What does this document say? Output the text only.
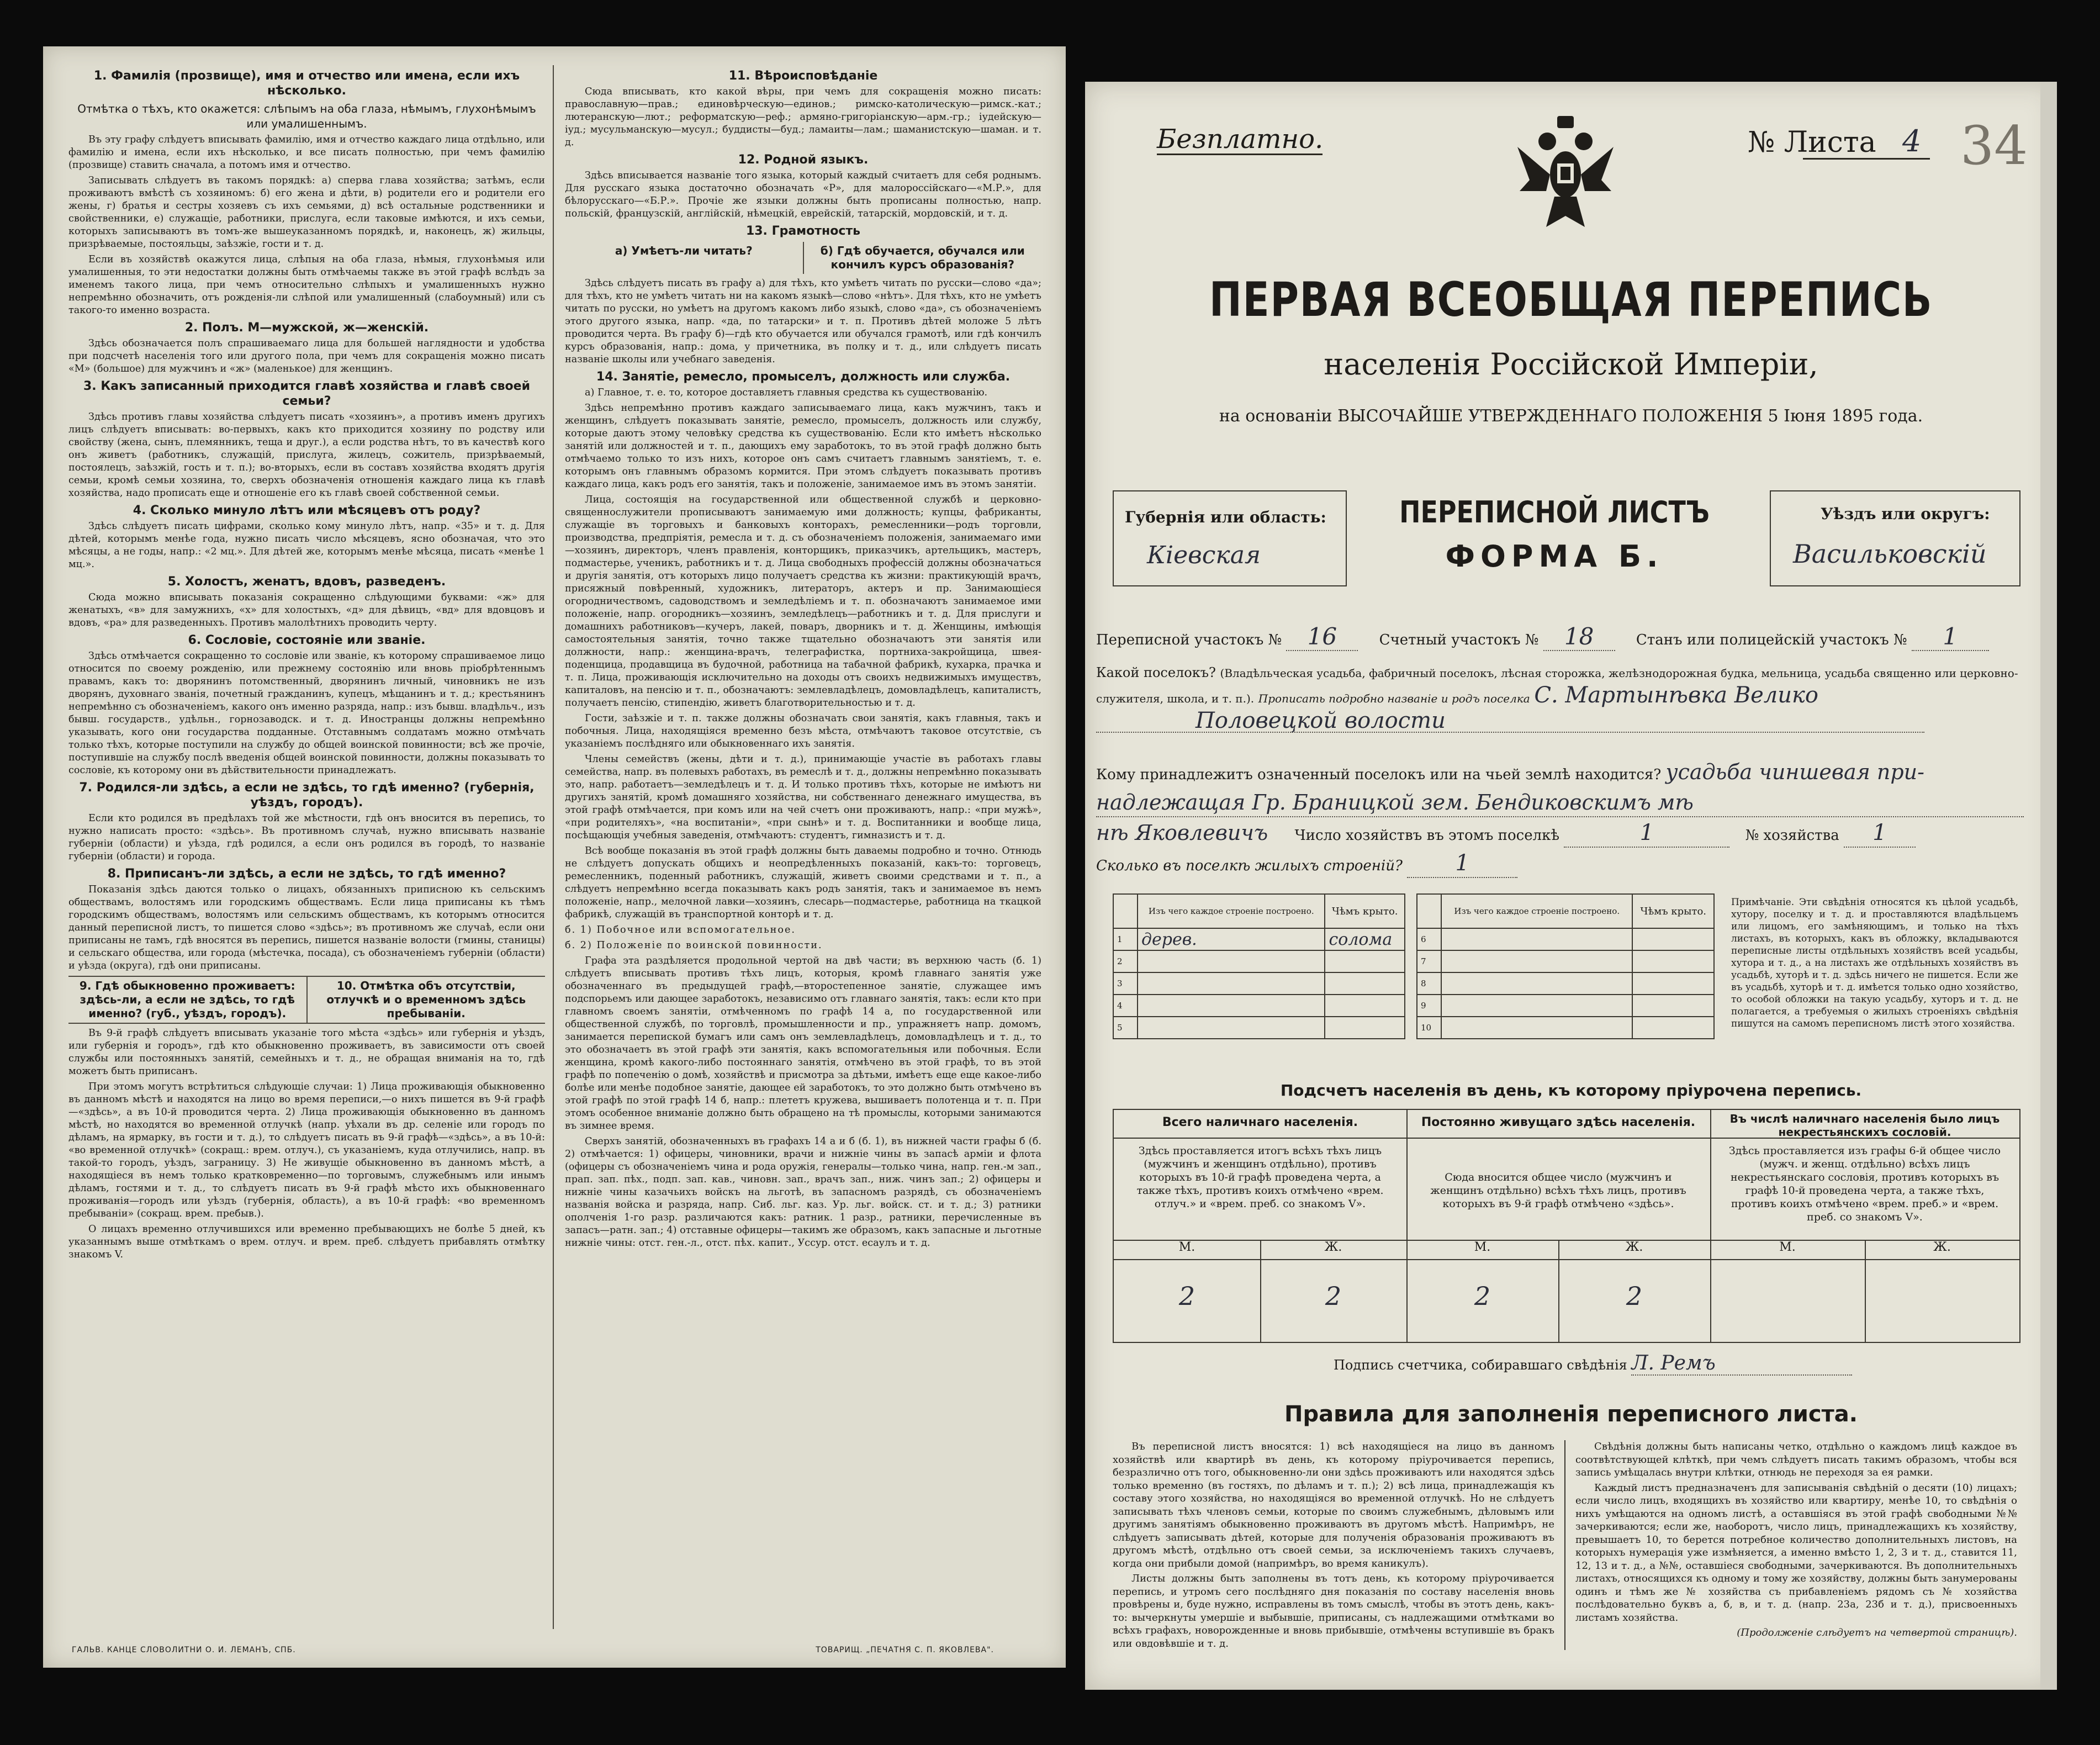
1. Фамилія (прозвище), имя и отчество или имена, если ихъ нѣсколько.
Отмѣтка о тѣхъ, кто окажется: слѣпымъ на оба глаза, нѣмымъ, глухонѣмымъ или умалишеннымъ.

Въ эту графу слѣдуетъ вписывать фамилію, имя и отчество каждаго лица отдѣльно, или фамилію и имена, если ихъ нѣсколько, и все писать полностью, при чемъ фамилію (прозвище) ставить сначала, а потомъ имя и отчество.

Записывать слѣдуетъ въ такомъ порядкѣ: а) сперва глава хозяйства; затѣмъ, если проживаютъ вмѣстѣ съ хозяиномъ: б) его жена и дѣти, в) родители его и родители его жены, г) братья и сестры хозяевъ съ ихъ семьями, д) всѣ остальные родственники и свойственники, е) служащіе, работники, прислуга, если таковые имѣются, и ихъ семьи, которыхъ записываютъ въ томъ-же вышеуказанномъ порядкѣ, и, наконецъ, ж) жильцы, призрѣваемые, постояльцы, заѣзжіе, гости и т. д.

Если въ хозяйствѣ окажутся лица, слѣпыя на оба глаза, нѣмыя, глухонѣмыя или умалишенныя, то эти недостатки должны быть отмѣчаемы также въ этой графѣ вслѣдъ за именемъ такого лица, при чемъ относительно слѣпыхъ и умалишенныхъ нужно непремѣнно обозначить, отъ рожденія-ли слѣпой или умалишенный (слабоумный) или съ такого-то именно возраста.

2. Полъ. М—мужской, ж—женскій.

Здѣсь обозначается полъ спрашиваемаго лица для большей наглядности и удобства при подсчетѣ населенія того или другого пола, при чемъ для сокращенія можно писать «М» (большое) для мужчинъ и «ж» (маленькое) для женщинъ.

3. Какъ записанный приходится главѣ хозяйства и главѣ своей семьи?

Здѣсь противъ главы хозяйства слѣдуетъ писать «хозяинъ», а противъ именъ другихъ лицъ слѣдуетъ вписывать: во-первыхъ, какъ кто приходится хозяину по родству или свойству (жена, сынъ, племянникъ, теща и друг.), а если родства нѣтъ, то въ качествѣ кого онъ живетъ (работникъ, служащій, прислуга, жилецъ, сожитель, призрѣваемый, постоялецъ, заѣзжій, гость и т. п.); во-вторыхъ, если въ составъ хозяйства входятъ другія семьи, кромѣ семьи хозяина, то, сверхъ обозначенія отношенія каждаго лица къ главѣ хозяйства, надо прописать еще и отношеніе его къ главѣ своей собственной семьи.

4. Сколько минуло лѣтъ или мѣсяцевъ отъ роду?

Здѣсь слѣдуетъ писать цифрами, сколько кому минуло лѣтъ, напр. «35» и т. д. Для дѣтей, которымъ менѣе года, нужно писать число мѣсяцевъ, ясно обозначая, что это мѣсяцы, а не годы, напр.: «2 мц.». Для дѣтей же, которымъ менѣе мѣсяца, писать «менѣе 1 мц.».

5. Холостъ, женатъ, вдовъ, разведенъ.

Сюда можно вписывать показанія сокращенно слѣдующими буквами: «ж» для женатыхъ, «в» для замужнихъ, «х» для холостыхъ, «д» для дѣвицъ, «вд» для вдовцовъ и вдовъ, «ра» для разведенныхъ. Противъ малолѣтнихъ проводить черту.

6. Сословіе, состояніе или званіе.

Здѣсь отмѣчается сокращенно то сословіе или званіе, къ которому спрашиваемое лицо относится по своему рожденію, или прежнему состоянію или вновь пріобрѣтеннымъ правамъ, какъ то: дворянинъ потомственный, дворянинъ личный, чиновникъ не изъ дворянъ, духовнаго званія, почетный гражданинъ, купецъ, мѣщанинъ и т. д.; крестьянинъ непремѣнно съ обозначеніемъ, какого онъ именно разряда, напр.: изъ бывш. владѣльч., изъ бывш. государств., удѣльн., горнозаводск. и т. д. Иностранцы должны непремѣнно указывать, кого они государства подданные. Отставнымъ солдатамъ можно отмѣчать только тѣхъ, которые поступили на службу до общей воинской повинности; всѣ же прочіе, поступившіе на службу послѣ введенія общей воинской повинности, должны показывать то сословіе, къ которому они въ дѣйствительности принадлежатъ.

7. Родился-ли здѣсь, а если не здѣсь, то гдѣ именно? (губернія, уѣздъ, городъ).

Если кто родился въ предѣлахъ той же мѣстности, гдѣ онъ вносится въ перепись, то нужно написать просто: «здѣсь». Въ противномъ случаѣ, нужно вписывать названіе губерніи (области) и уѣзда, гдѣ родился, а если онъ родился въ городѣ, то названіе губерніи (области) и города.

8. Приписанъ-ли здѣсь, а если не здѣсь, то гдѣ именно?

Показанія здѣсь даются только о лицахъ, обязанныхъ приписною къ сельскимъ обществамъ, волостямъ или городскимъ обществамъ. Если лица приписаны къ тѣмъ городскимъ обществамъ, волостямъ или сельскимъ обществамъ, къ которымъ относится данный переписной листъ, то пишется слово «здѣсь»; въ противномъ же случаѣ, если они приписаны не тамъ, гдѣ вносятся въ перепись, пишется названіе волости (гмины, станицы) и сельскаго общества, или города (мѣстечка, посада), съ обозначеніемъ губерніи (области) и уѣзда (округа), гдѣ они приписаны.

9. Гдѣ обыкновенно проживаетъ: здѣсь-ли, а если не здѣсь, то гдѣ именно? (губ., уѣздъ, городъ).
10. Отмѣтка объ отсутствіи, отлучкѣ и о временномъ здѣсь пребываніи.

Въ 9-й графѣ слѣдуетъ вписывать указаніе того мѣста «здѣсь» или губернія и уѣздъ, или губернія и городъ», гдѣ кто обыкновенно проживаетъ, въ зависимости отъ своей службы или постоянныхъ занятій, семейныхъ и т. д., не обращая вниманія на то, гдѣ можетъ быть приписанъ.

При этомъ могутъ встрѣтиться слѣдующіе случаи: 1) Лица проживающія обыкновенно въ данномъ мѣстѣ и находятся на лицо во время переписи,—о нихъ пишется въ 9-й графѣ—«здѣсь», а въ 10-й проводится черта. 2) Лица проживающія обыкновенно въ данномъ мѣстѣ, но находятся во временной отлучкѣ (напр. уѣхали въ др. селеніе или городъ по дѣламъ, на ярмарку, въ гости и т. д.), то слѣдуетъ писать въ 9-й графѣ—«здѣсь», а въ 10-й: «во временной отлучкѣ» (сокращ.: врем. отлуч.), съ указаніемъ, куда отлучились, напр. въ такой-то городъ, уѣздъ, заграницу. 3) Не живущіе обыкновенно въ данномъ мѣстѣ, а находящіеся въ немъ только кратковременно—по торговымъ, служебнымъ или инымъ дѣламъ, гостями и т. д., то слѣдуетъ писать въ 9-й графѣ мѣсто ихъ обыкновеннаго проживанія—городъ или уѣздъ (губернія, область), а въ 10-й графѣ: «во временномъ пребываніи» (сокращ. врем. пребыв.).

О лицахъ временно отлучившихся или временно пребывающихъ не болѣе 5 дней, къ указаннымъ выше отмѣткамъ о врем. отлуч. и врем. преб. слѣдуетъ прибавлять отмѣтку знакомъ V.

11. Вѣроисповѣданіе

Сюда вписывать, кто какой вѣры, при чемъ для сокращенія можно писать: православную—прав.; единовѣрческую—единов.; римско-католическую—римск.-кат.; лютеранскую—лют.; реформатскую—реф.; армяно-григоріанскую—арм.-гр.; іудейскую—іуд.; мусульманскую—мусул.; буддисты—буд.; ламаиты—лам.; шаманистскую—шаман. и т. д.

12. Родной языкъ.

Здѣсь вписывается названіе того языка, который каждый считаетъ для себя роднымъ. Для русскаго языка достаточно обозначать «Р», для малороссійскаго—«М.Р.», для бѣлорусскаго—«Б.Р.». Прочіе же языки должны быть прописаны полностью, напр. польскій, французскій, англійскій, нѣмецкій, еврейскій, татарскій, мордовскій, и т. д.

13. Грамотность
а) Умѣетъ-ли читать?	б) Гдѣ обучается, обучался или кончилъ курсъ образованія?

Здѣсь слѣдуетъ писать въ графу а) для тѣхъ, кто умѣетъ читать по русски—слово «да»; для тѣхъ, кто не умѣетъ читать ни на какомъ языкѣ—слово «нѣтъ». Для тѣхъ, кто не умѣетъ читать по русски, но умѣетъ на другомъ какомъ либо языкѣ, слово «да», съ обозначеніемъ этого другого языка, напр. «да, по татарски» и т. п. Противъ дѣтей моложе 5 лѣтъ проводится черта. Въ графу б)—гдѣ кто обучается или обучался грамотѣ, или гдѣ кончилъ курсъ образованія, напр.: дома, у причетника, въ полку и т. д., или слѣдуетъ писать названіе школы или учебнаго заведенія.

14. Занятіе, ремесло, промыселъ, должность или служба.

а) Главное, т. е. то, которое доставляетъ главныя средства къ существованію.

Здѣсь непремѣнно противъ каждаго записываемаго лица, какъ мужчинъ, такъ и женщинъ, слѣдуетъ показывать занятіе, ремесло, промыселъ, должность или службу, которые даютъ этому человѣку средства къ существованію. Если кто имѣетъ нѣсколько занятій или должностей и т. п., дающихъ ему заработокъ, то въ этой графѣ должно быть отмѣчаемо только то изъ нихъ, которое онъ самъ считаетъ главнымъ занятіемъ, т. е. которымъ онъ главнымъ образомъ кормится. При этомъ слѣдуетъ показывать противъ каждаго лица, какъ родъ его занятія, такъ и положеніе, занимаемое имъ въ этомъ занятіи.

Лица, состоящія на государственной или общественной службѣ и церковно-священнослужители прописываютъ занимаемую ими должность; купцы, фабриканты, служащіе въ торговыхъ и банковыхъ конторахъ, ремесленники—родъ торговли, производства, предпріятія, ремесла и т. д. съ обозначеніемъ положенія, занимаемаго ими—хозяинъ, директоръ, членъ правленія, конторщикъ, приказчикъ, артельщикъ, мастеръ, подмастерье, ученикъ, работникъ и т. д. Лица свободныхъ профессій должны обозначаться и другія занятія, отъ которыхъ лицо получаетъ средства къ жизни: практикующій врачъ, присяжный повѣренный, художникъ, литераторъ, актеръ и пр. Занимающіеся огородничествомъ, садоводствомъ и земледѣліемъ и т. п. обозначаютъ занимаемое ими положеніе, напр. огородникъ—хозяинъ, земледѣлецъ—работникъ и т. д. Для прислуги и домашнихъ работниковъ—кучеръ, лакей, поваръ, дворникъ и т. д. Женщины, имѣющія самостоятельныя занятія, точно также тщательно обозначаютъ эти занятія или должности, напр.: женщина-врачъ, телеграфистка, портниха-закройщица, швея-поденщица, продавщица въ будочной, работница на табачной фабрикѣ, кухарка, прачка и т. п. Лица, проживающія исключительно на доходы отъ своихъ недвижимыхъ имуществъ, капиталовъ, на пенсію и т. п., обозначаютъ: землевладѣлецъ, домовладѣлецъ, капиталистъ, получаетъ пенсію, стипендію, живетъ благотворительностью и т. д.

Гости, заѣзжіе и т. п. также должны обозначать свои занятія, какъ главныя, такъ и побочныя. Лица, находящіяся временно безъ мѣста, отмѣчаютъ таковое отсутствіе, съ указаніемъ послѣдняго или обыкновеннаго ихъ занятія.

Члены семействъ (жены, дѣти и т. д.), принимающіе участіе въ работахъ главы семейства, напр. въ полевыхъ работахъ, въ ремеслѣ и т. д., должны непремѣнно показывать это, напр. работаетъ—земледѣлецъ и т. д. И только противъ тѣхъ, которые не имѣютъ ни другихъ занятій, кромѣ домашняго хозяйства, ни собственнаго денежнаго имущества, въ этой графѣ отмѣчается, при комъ или на чей счетъ они проживаютъ, напр.: «при мужѣ», «при родителяхъ», «на воспитаніи», «при сынѣ» и т. д. Воспитанники и вообще лица, посѣщающія учебныя заведенія, отмѣчаютъ: студентъ, гимназистъ и т. д.

Всѣ вообще показанія въ этой графѣ должны быть даваемы подробно и точно. Отнюдь не слѣдуетъ допускать общихъ и неопредѣленныхъ показаній, какъ-то: торговецъ, ремесленникъ, поденный работникъ, служащій, живетъ своими средствами и т. п., а слѣдуетъ непремѣнно всегда показывать какъ родъ занятія, такъ и занимаемое въ немъ положеніе, напр., мелочной лавки—хозяинъ, слесарь—подмастерье, работница на ткацкой фабрикѣ, служащій въ транспортной конторѣ и т. д.

б. 1) Побочное или вспомогательное.

б. 2) Положеніе по воинской повинности.

Графа эта раздѣляется продольной чертой на двѣ части; въ верхнюю часть (б. 1) слѣдуетъ вписывать противъ тѣхъ лицъ, которыя, кромѣ главнаго занятія уже обозначеннаго въ предыдущей графѣ,—второстепенное занятіе, служащее имъ подспорьемъ или дающее заработокъ, независимо отъ главнаго занятія, такъ: если кто при главномъ своемъ занятіи, отмѣченномъ по графѣ 14 а, по государственной или общественной службѣ, по торговлѣ, промышленности и пр., упражняетъ напр. домомъ, занимается перепиской бумагъ или самъ онъ землевладѣлецъ, домовладѣлецъ и т. д., то это обозначаетъ въ этой графѣ эти занятія, какъ вспомогательныя или побочныя. Если женщина, кромѣ какого-либо постояннаго занятія, отмѣчено въ этой графѣ, то въ этой графѣ по попеченію о домѣ, хозяйствѣ и присмотра за дѣтьми, имѣетъ еще еще какое-либо болѣе или менѣе подобное занятіе, дающее ей заработокъ, то это должно быть отмѣчено въ этой графѣ по этой графѣ 14 б, напр.: плететъ кружева, вышиваетъ полотенца и т. п. При этомъ особенное вниманіе должно быть обращено на тѣ промыслы, которыми занимаются въ зимнее время.

Сверхъ занятій, обозначенныхъ въ графахъ 14 а и б (б. 1), въ нижней части графы б (б. 2) отмѣчается: 1) офицеры, чиновники, врачи и нижніе чины въ запасѣ арміи и флота (офицеры съ обозначеніемъ чина и рода оружія, генералы—только чина, напр. ген.-м зап., прап. зап. пѣх., подп. зап. кав., чиновн. зап., врачъ зап., ниж. чинъ зап.; 2) офицеры и нижніе чины казачьихъ войскъ на льготѣ, въ запасномъ разрядѣ, съ обозначеніемъ названія войска и разряда, напр. Сиб. льг. каз. Ур. льг. войск. ст. и т. д.; 3) ратники ополченія 1-го разр. различаются какъ: ратник. 1 разр., ратники, перечисленные въ запасъ—ратн. зап.; 4) отставные офицеры—такимъ же образомъ, какъ запасные и льготные нижніе чины: отст. ген.-л., отст. пѣх. капит., Уссур. отст. есаулъ и т. д.

ГАЛЬВ. КАНЦЕ СЛОВОЛИТНИ О. И. ЛЕМАНЪ, СПБ.	ТОВАРИЩ. „ПЕЧАТНЯ С. П. ЯКОВЛЕВА".
Безплатно.	№ Листа 4 34
ПЕРВАЯ ВСЕОБЩАЯ ПЕРЕПИСЬ
населенія Россійской Имперіи,
на основаніи ВЫСОЧАЙШЕ УТВЕРЖДЕННАГО ПОЛОЖЕНІЯ 5 Іюня 1895 года.
Губернія или область:
Кіевская
ПЕРЕПИСНОЙ ЛИСТЪ
ФОРМА Б.
Уѣздъ или округъ:
Васильковскій
Переписной участокъ № 16	Счетный участокъ № 18	Станъ или полицейскій участокъ № 1
Какой поселокъ? (Владѣльческая усадьба, фабричный поселокъ, лѣсная сторожка, желѣзнодорожная будка, мельница, усадьба священно или церковно-служителя, школа, и т. п.). Прописать подробно названіе и родъ поселка С. Мартынѣвка Велико
Половецкой волости
Кому принадлежитъ означенный поселокъ или на чьей землѣ находится? усадьба чиншевая при-
надлежащая Гр. Браницкой зем. Бендиковскимъ мѣ
нѣ Яковлевичъ Число хозяйствъ въ этомъ поселкѣ	1	№ хозяйства 1
Сколько въ поселкѣ жилыхъ строеній? 1
	Изъ чего каждое строеніе построено.	Чѣмъ крыто.
1	дерев.	солома
2		
3		
4		
5		
	Изъ чего каждое строеніе построено.	Чѣмъ крыто.
6		
7		
8		
9		
10		
Примѣчаніе. Эти свѣдѣнія относятся къ цѣлой усадьбѣ, хутору, поселку и т. д. и проставляются владѣльцемъ или лицомъ, его замѣняющимъ, и только на тѣхъ листахъ, въ которыхъ, какъ въ обложку, вкладываются переписные листы отдѣльныхъ хозяйствъ всей усадьбы, хутора и т. д., а на листахъ же отдѣльныхъ хозяйствъ въ усадьбѣ, хуторѣ и т. д. здѣсь ничего не пишется. Если же въ усадьбѣ, хуторѣ и т. д. имѣется только одно хозяйство, то особой обложки на такую усадьбу, хуторъ и т. д. не полагается, а требуемыя о жилыхъ строеніяхъ свѣдѣнія пишутся на самомъ переписномъ листѣ этого хозяйства.
Подсчетъ населенія въ день, къ которому пріурочена перепись.
Всего наличнаго населенія.
Здѣсь проставляется итогъ всѣхъ тѣхъ лицъ (мужчинъ и женщинъ отдѣльно), противъ которыхъ въ 10-й графѣ проведена черта, а также тѣхъ, противъ коихъ отмѣчено «врем. отлуч.» и «врем. преб. со знакомъ V».
М.	Ж.
2	2
Постоянно живущаго здѣсь населенія.
Сюда вносится общее число (мужчинъ и женщинъ отдѣльно) всѣхъ тѣхъ лицъ, противъ которыхъ въ 9-й графѣ отмѣчено «здѣсь».
М.	Ж.
2	2
Въ числѣ наличнаго населенія было лицъ некрестьянскихъ сословій.
Здѣсь проставляется изъ графы 6-й общее число (мужч. и женщ. отдѣльно) всѣхъ лицъ некрестьянскаго сословія, противъ которыхъ въ графѣ 10-й проведена черта, а также тѣхъ, противъ коихъ отмѣчено «врем. преб.» и «врем. преб. со знакомъ V».
М.	Ж.
Подпись счетчика, собиравшаго свѣдѣнія Л. Ремъ
Правила для заполненія переписного листа.

Въ переписной листъ вносятся: 1) всѣ находящіеся на лицо въ данномъ хозяйствѣ или квартирѣ въ день, къ которому пріурочивается перепись, безразлично отъ того, обыкновенно-ли они здѣсь проживаютъ или находятся здѣсь только временно (въ гостяхъ, по дѣламъ и т. п.); 2) всѣ лица, принадлежащія къ составу этого хозяйства, но находящіяся во временной отлучкѣ. Но не слѣдуетъ записывать тѣхъ членовъ семьи, которые по своимъ служебнымъ, дѣловымъ или другимъ занятіямъ обыкновенно проживаютъ въ другомъ мѣстѣ. Напримѣръ, не слѣдуетъ записывать дѣтей, которые для полученія образованія проживаютъ въ другомъ мѣстѣ, отдѣльно отъ своей семьи, за исключеніемъ такихъ случаевъ, когда они прибыли домой (напримѣръ, во время каникулъ).

Листы должны быть заполнены въ тотъ день, къ которому пріурочивается перепись, и утромъ сего послѣдняго дня показанія по составу населенія вновь провѣрены и, буде нужно, исправлены въ томъ смыслѣ, чтобы въ этотъ день, какъ-то: вычеркнуты умершіе и выбывшіе, приписаны, съ надлежащими отмѣтками во всѣхъ графахъ, новорожденные и вновь прибывшіе, отмѣчены вступившіе въ бракъ или овдовѣвшіе и т. д.

Свѣдѣнія должны быть написаны четко, отдѣльно о каждомъ лицѣ каждое въ соотвѣтствующей клѣткѣ, при чемъ слѣдуетъ писать такимъ образомъ, чтобы вся запись умѣщалась внутри клѣтки, отнюдь не переходя за ея рамки.

Каждый листъ предназначенъ для записыванія свѣдѣній о десяти (10) лицахъ; если число лицъ, входящихъ въ хозяйство или квартиру, менѣе 10, то свѣдѣнія о нихъ умѣщаются на одномъ листѣ, а оставшіяся въ этой графѣ свободными №№ зачеркиваются; если же, наоборотъ, число лицъ, принадлежащихъ къ хозяйству, превышаетъ 10, то берется потребное количество дополнительныхъ листовъ, на которыхъ нумерація уже измѣняется, а именно вмѣсто 1, 2, 3 и т. д., ставится 11, 12, 13 и т. д., а №№, оставшіеся свободными, зачеркиваются. Въ дополнительныхъ листахъ, относящихся къ одному и тому же хозяйству, должны быть занумерованы одинъ и тѣмъ же № хозяйства съ прибавленіемъ рядомъ съ № хозяйства послѣдовательно буквъ а, б, в, и т. д. (напр. 23а, 23б и т. д.), присвоенныхъ листамъ хозяйства.

(Продолженіе слѣдуетъ на четвертой страницѣ).
